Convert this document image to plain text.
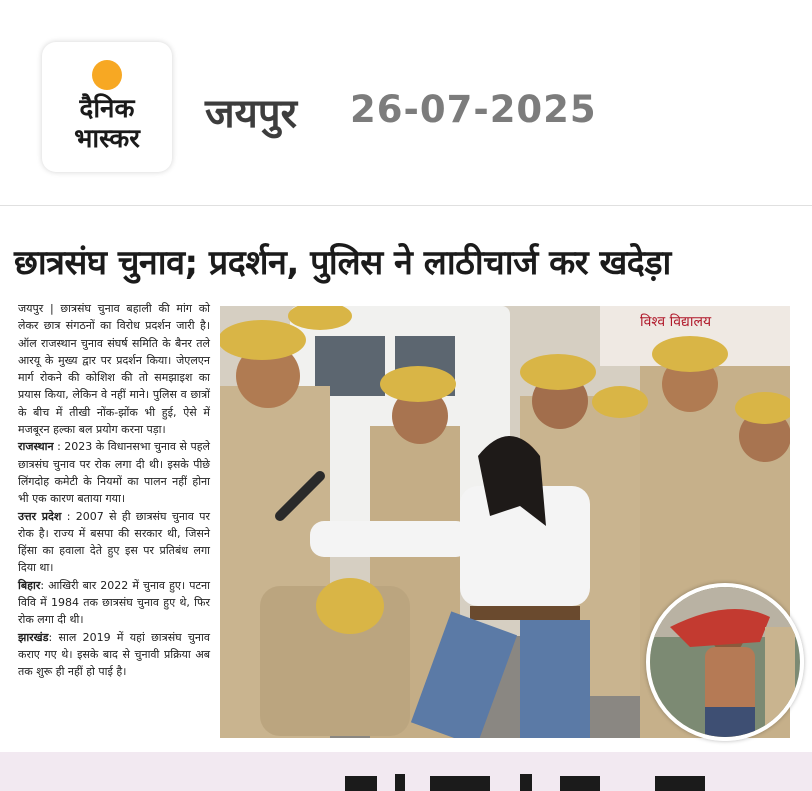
दैनिक
भास्कर
जयपुर 26-07-2025
छात्रसंघ चुनाव; प्रदर्शन, पुलिस ने लाठीचार्ज कर खदेड़ा

जयपुर | छात्रसंघ चुनाव बहाली की मांग को लेकर छात्र संगठनों का विरोध प्रदर्शन जारी है। ऑल राजस्थान चुनाव संघर्ष समिति के बैनर तले आरयू के मुख्य द्वार पर प्रदर्शन किया। जेएलएन मार्ग रोकने की कोशिश की तो समझाइश का प्रयास किया, लेकिन वे नहीं माने। पुलिस व छात्रों के बीच में तीखी नोंक-झोंक भी हुई, ऐसे में मजबूरन हल्का बल प्रयोग करना पड़ा।

राजस्थान : 2023 के विधानसभा चुनाव से पहले छात्रसंघ चुनाव पर रोक लगा दी थी। इसके पीछे लिंगदोह कमेटी के नियमों का पालन नहीं होना भी एक कारण बताया गया।

उत्तर प्रदेश : 2007 से ही छात्रसंघ चुनाव पर रोक है। राज्य में बसपा की सरकार थी, जिसने हिंसा का हवाला देते हुए इस पर प्रतिबंध लगा दिया था।

बिहार: आखिरी बार 2022 में चुनाव हुए। पटना विवि में 1984 तक छात्रसंघ चुनाव हुए थे, फिर रोक लगा दी थी।

झारखंड: साल 2019 में यहां छात्रसंघ चुनाव कराए गए थे। इसके बाद से चुनावी प्रक्रिया अब तक शुरू ही नहीं हो पाई है।

विश्व विद्यालय
